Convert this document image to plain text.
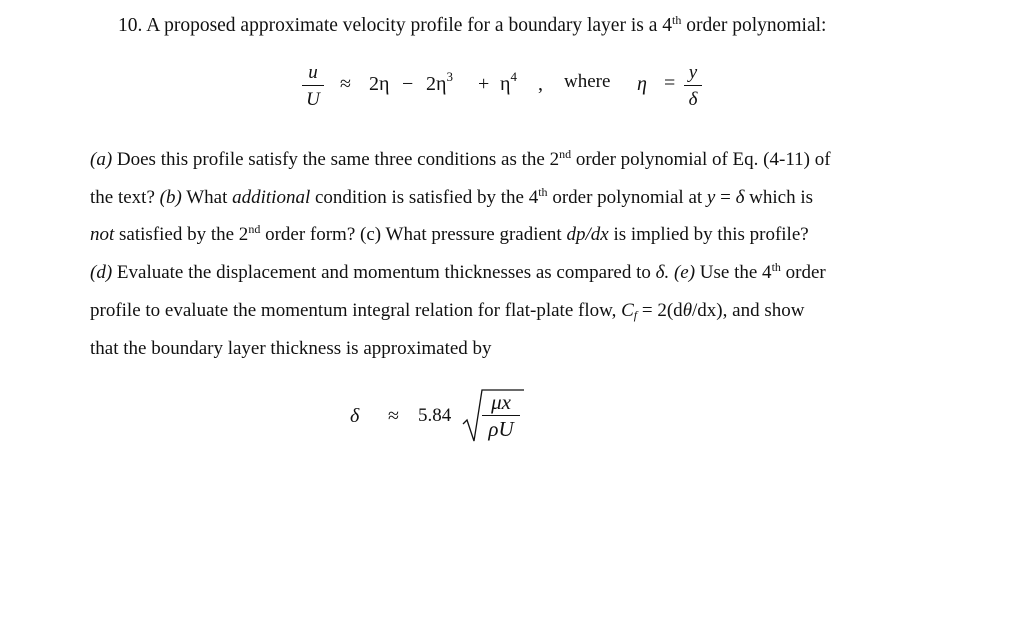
10. A proposed approximate velocity profile for a boundary layer is a 4th order polynomial:
u
U
≈ $2\eta - 2\eta^3 + \eta^4$ , where η = y
δ
(a) Does this profile satisfy the same three conditions as the 2nd order polynomial of Eq. (4-11) of
the text? (b) What additional condition is satisfied by the 4th order polynomial at y = δ which is
not satisfied by the 2nd order form? (c) What pressure gradient dp/dx is implied by this profile?
(d) Evaluate the displacement and momentum thicknesses as compared to δ. (e) Use the 4th order
profile to evaluate the momentum integral relation for flat-plate flow, $C_f = 2(d\theta/dx)$, and show
that the boundary layer thickness is approximated by
δ ≈ 5.84
μx
ρU
